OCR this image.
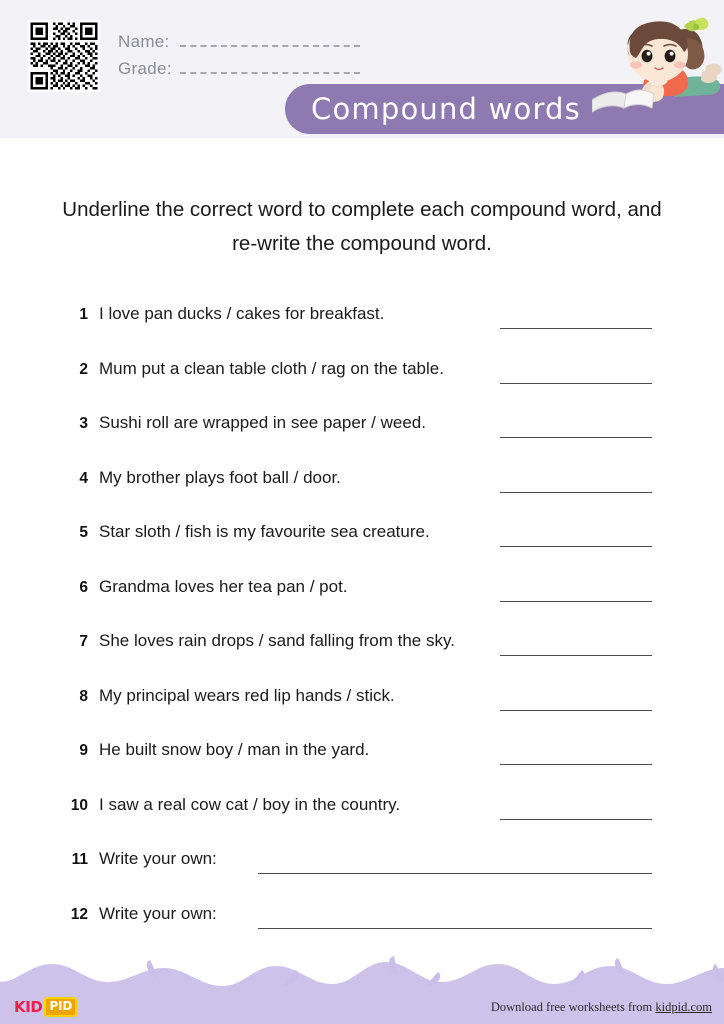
Name:
Grade:
Compound words
Underline the correct word to complete each compound word, and re-write the compound word.
1 I love pan ducks / cakes for breakfast.
2 Mum put a clean table cloth / rag on the table.
3 Sushi roll are wrapped in see paper / weed.
4 My brother plays foot ball / door.
5 Star sloth / fish is my favourite sea creature.
6 Grandma loves her tea pan / pot.
7 She loves rain drops / sand falling from the sky.
8 My principal wears red lip hands / stick.
9 He built snow boy / man in the yard.
10 I saw a real cow cat / boy in the country.
11 Write your own:
12 Write your own:
KID PID	Download free worksheets from kidpid.com
